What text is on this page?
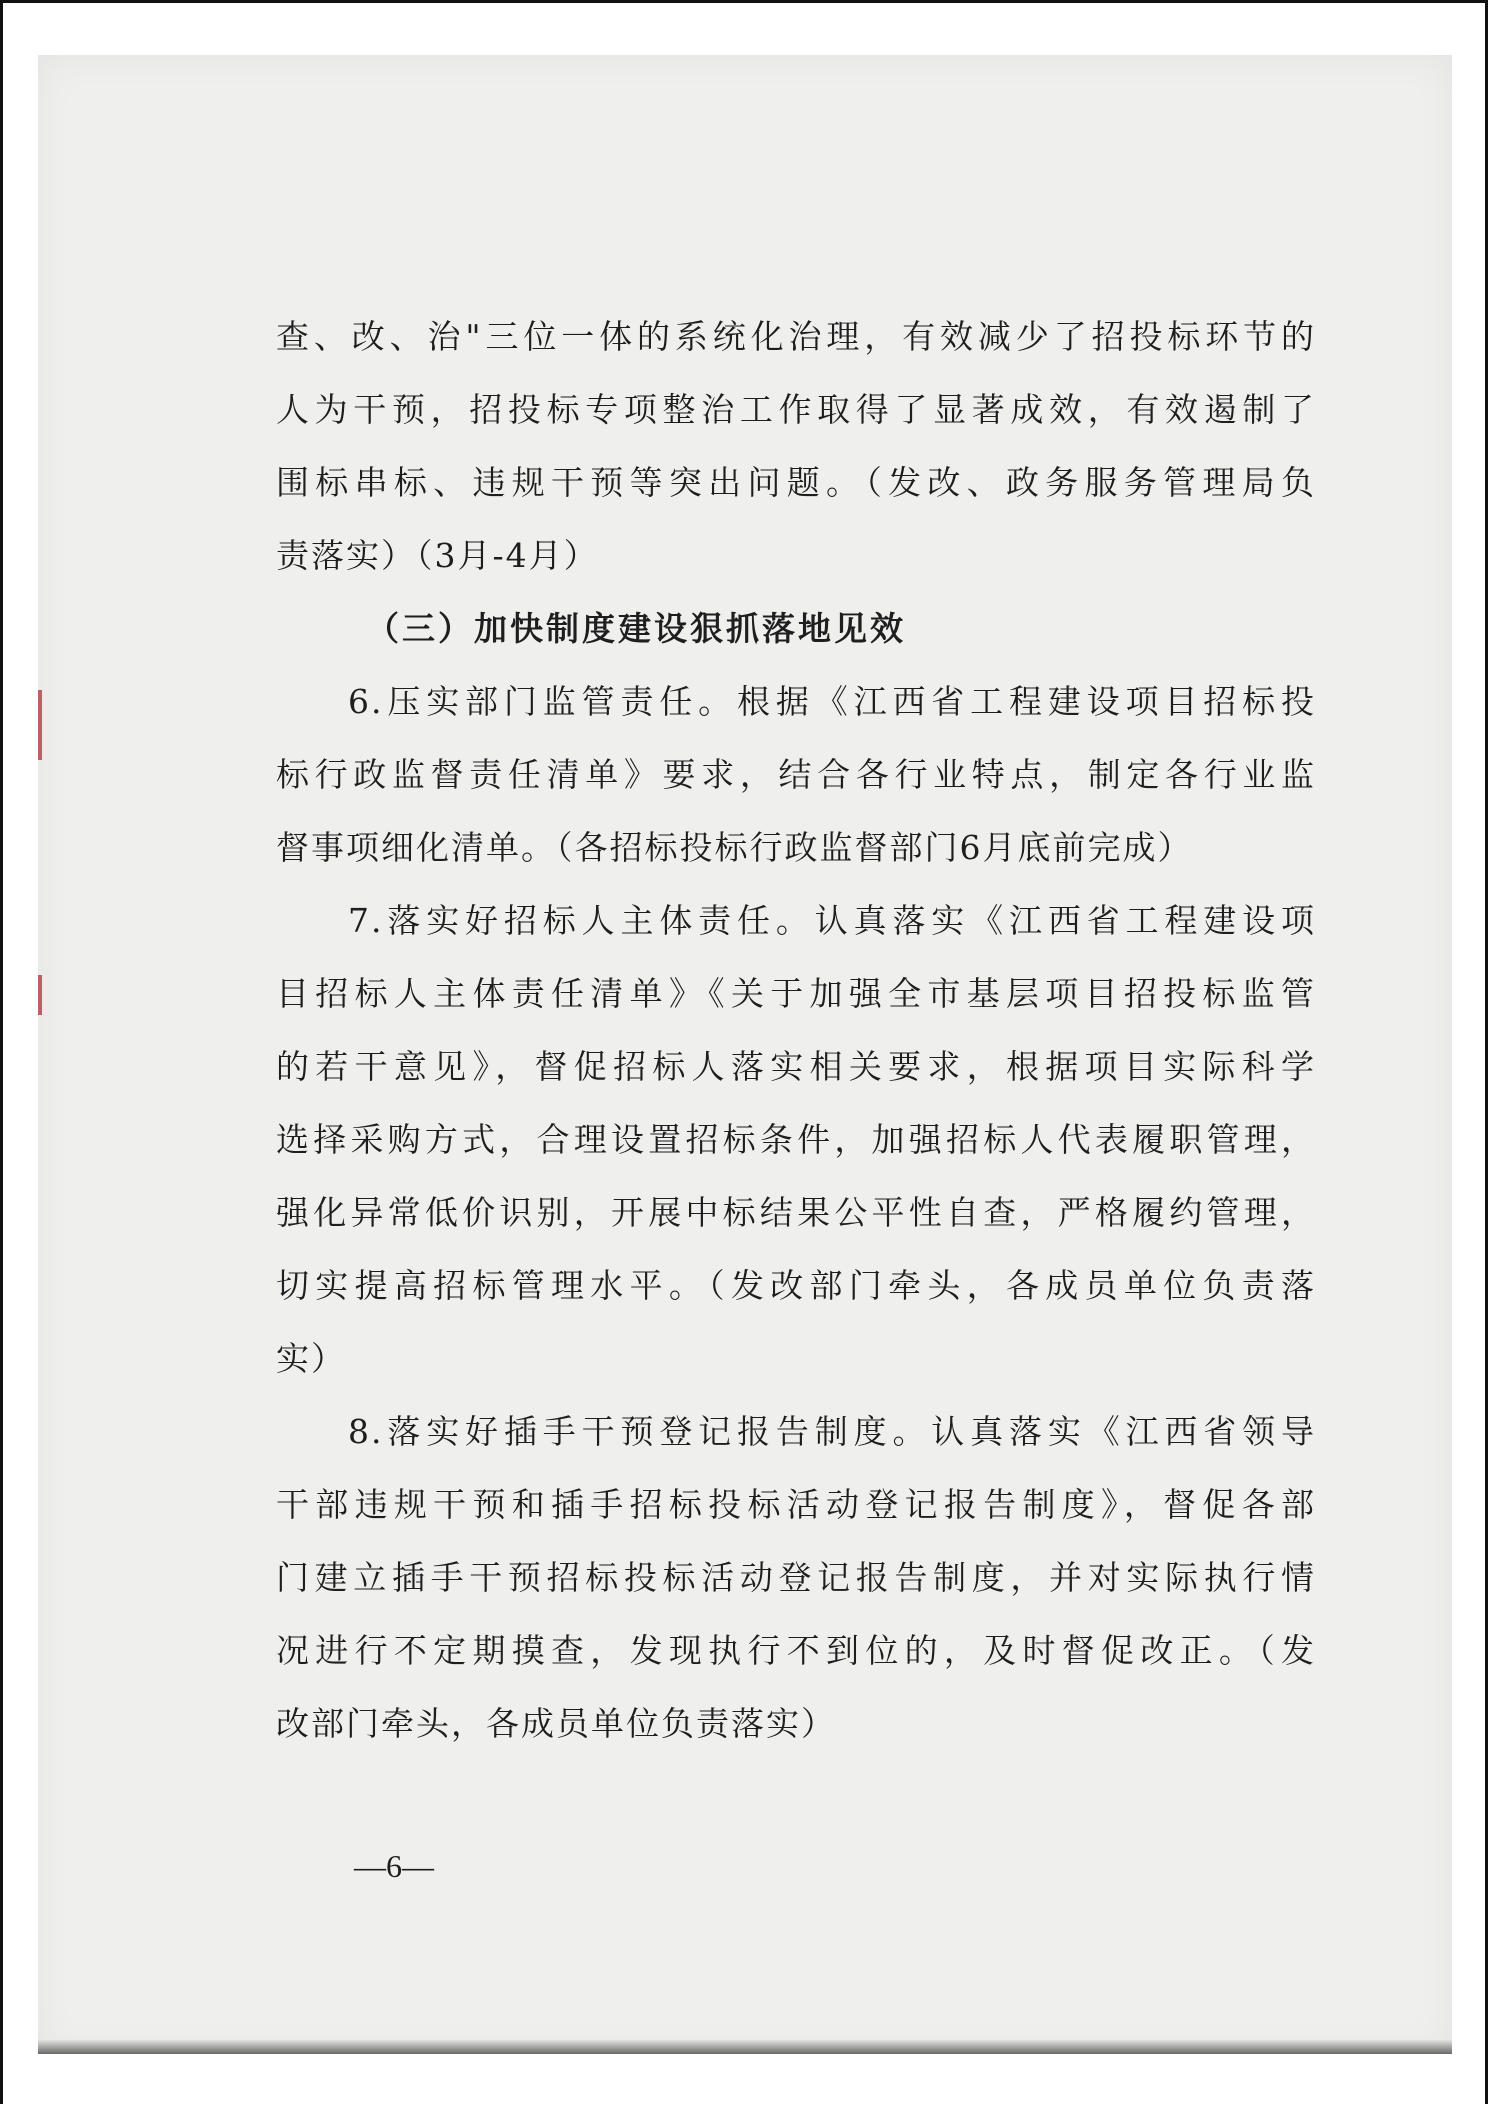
查、改、治"三位一体的系统化治理，有效减少了招投标环节的
人为干预，招投标专项整治工作取得了显著成效，有效遏制了
围标串标、违规干预等突出问题。（发改、政务服务管理局负
责落实）（3月-4月）
（三）加快制度建设狠抓落地见效
6.压实部门监管责任。根据《江西省工程建设项目招标投
标行政监督责任清单》要求，结合各行业特点，制定各行业监
督事项细化清单。（各招标投标行政监督部门6月底前完成）
7.落实好招标人主体责任。认真落实《江西省工程建设项
目招标人主体责任清单》《关于加强全市基层项目招投标监管
的若干意见》，督促招标人落实相关要求，根据项目实际科学
选择采购方式，合理设置招标条件，加强招标人代表履职管理，
强化异常低价识别，开展中标结果公平性自查，严格履约管理，
切实提高招标管理水平。（发改部门牵头，各成员单位负责落
实）
8.落实好插手干预登记报告制度。认真落实《江西省领导
干部违规干预和插手招标投标活动登记报告制度》，督促各部
门建立插手干预招标投标活动登记报告制度，并对实际执行情
况进行不定期摸查，发现执行不到位的，及时督促改正。（发
改部门牵头，各成员单位负责落实）
—6—
